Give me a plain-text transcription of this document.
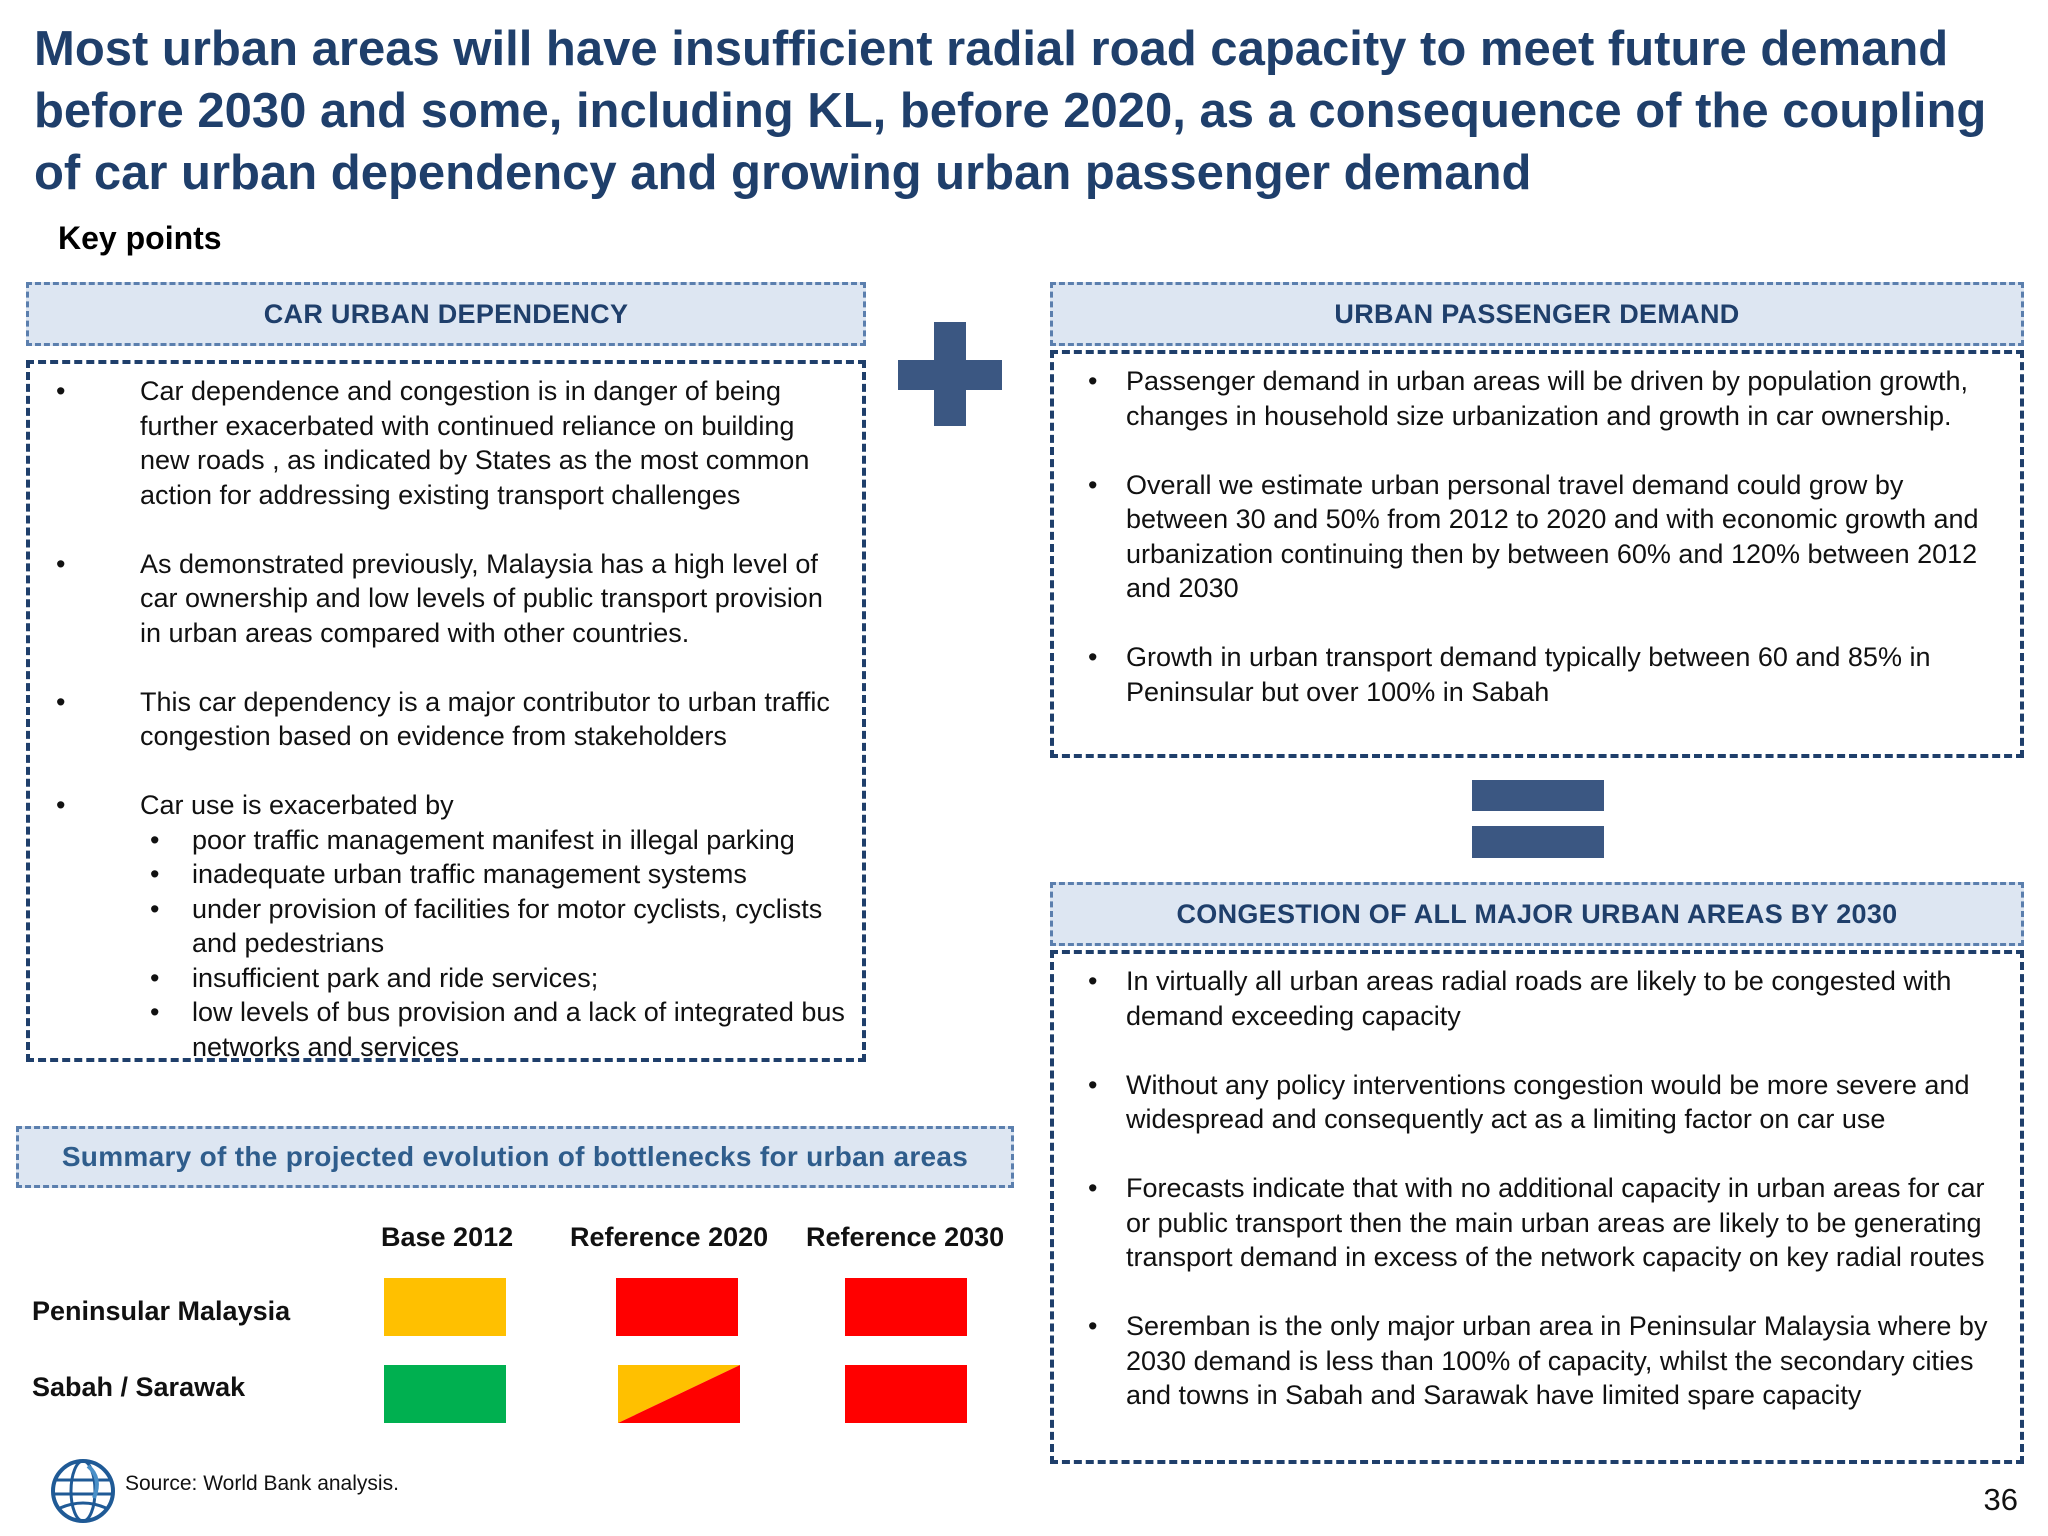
Most urban areas will have insufficient radial road capacity to meet future demand before 2030 and some, including KL, before 2020, as a consequence of the coupling of car urban dependency and growing urban passenger demand
Key points
CAR URBAN DEPENDENCY
• Car dependence and congestion is in danger of being further exacerbated with continued reliance on building new roads , as indicated by States as the most common action for addressing existing transport challenges
• As demonstrated previously, Malaysia has a high level of car ownership and low levels of public transport provision in urban areas compared with other countries.
• This car dependency is a major contributor to urban traffic congestion based on evidence from stakeholders
• Car use is exacerbated by
• poor traffic management manifest in illegal parking
• inadequate urban traffic management systems
• under provision of facilities for motor cyclists, cyclists and pedestrians
• insufficient park and ride services;
• low levels of bus provision and a lack of integrated bus networks and services
URBAN PASSENGER DEMAND
• Passenger demand in urban areas will be driven by population growth, changes in household size urbanization and growth in car ownership.
• Overall we estimate urban personal travel demand could grow by between 30 and 50% from 2012 to 2020 and with economic growth and urbanization continuing then by between 60% and 120% between 2012 and 2030
• Growth in urban transport demand typically between 60 and 85% in Peninsular but over 100% in Sabah
CONGESTION OF ALL MAJOR URBAN AREAS BY 2030
• In virtually all urban areas radial roads are likely to be congested with demand exceeding capacity
• Without any policy interventions congestion would be more severe and widespread and consequently act as a limiting factor on car use
• Forecasts indicate that with no additional capacity in urban areas for car or public transport then the main urban areas are likely to be generating transport demand in excess of the network capacity on key radial routes
• Seremban is the only major urban area in Peninsular Malaysia where by 2030 demand is less than 100% of capacity, whilst the secondary cities and towns in Sabah and Sarawak have limited spare capacity
Summary of the projected evolution of bottlenecks for urban areas
Base 2012 Reference 2020 Reference 2030
Peninsular Malaysia
Sabah / Sarawak
Source: World Bank analysis.	36
